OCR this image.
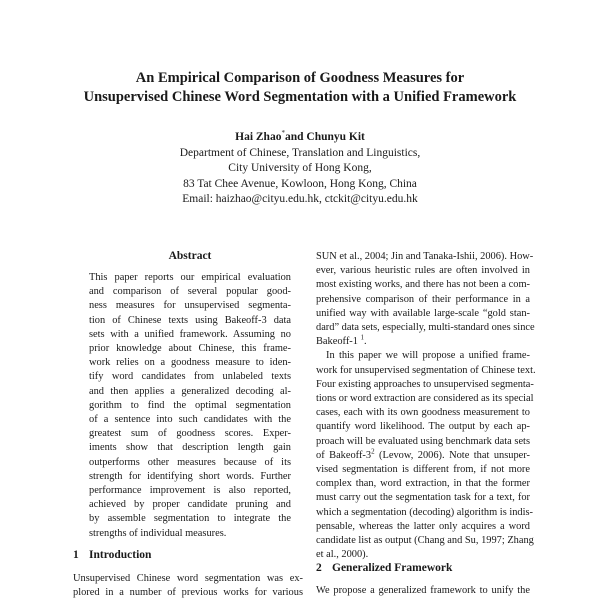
An Empirical Comparison of Goodness Measures for
Unsupervised Chinese Word Segmentation with a Unified Framework
Hai Zhao*and Chunyu Kit
Department of Chinese, Translation and Linguistics,
City University of Hong Kong,
83 Tat Chee Avenue, Kowloon, Hong Kong, China
Email: haizhao@cityu.edu.hk, ctckit@cityu.edu.hk
Abstract
This paper reports our empirical evaluation
and comparison of several popular good-
ness measures for unsupervised segmenta-
tion of Chinese texts using Bakeoff-3 data
sets with a unified framework. Assuming no
prior knowledge about Chinese, this frame-
work relies on a goodness measure to iden-
tify word candidates from unlabeled texts
and then applies a generalized decoding al-
gorithm to find the optimal segmentation
of a sentence into such candidates with the
greatest sum of goodness scores. Exper-
iments show that description length gain
outperforms other measures because of its
strength for identifying short words. Further
performance improvement is also reported,
achieved by proper candidate pruning and
by assemble segmentation to integrate the
strengths of individual measures.
1 Introduction
Unsupervised Chinese word segmentation was ex-
plored in a number of previous works for various
SUN et al., 2004; Jin and Tanaka-Ishii, 2006). How-
ever, various heuristic rules are often involved in
most existing works, and there has not been a com-
prehensive comparison of their performance in a
unified way with available large-scale “gold stan-
dard” data sets, especially, multi-standard ones since
Bakeoff-1 $^1$.
In this paper we will propose a unified frame-
work for unsupervised segmentation of Chinese text.
Four existing approaches to unsupervised segmenta-
tions or word extraction are considered as its special
cases, each with its own goodness measurement to
quantify word likelihood. The output by each ap-
proach will be evaluated using benchmark data sets
of Bakeoff-$3^2$ (Levow, 2006). Note that unsuper-
vised segmentation is different from, if not more
complex than, word extraction, in that the former
must carry out the segmentation task for a text, for
which a segmentation (decoding) algorithm is indis-
pensable, whereas the latter only acquires a word
candidate list as output (Chang and Su, 1997; Zhang
et al., 2000).
2 Generalized Framework
We propose a generalized framework to unify the
